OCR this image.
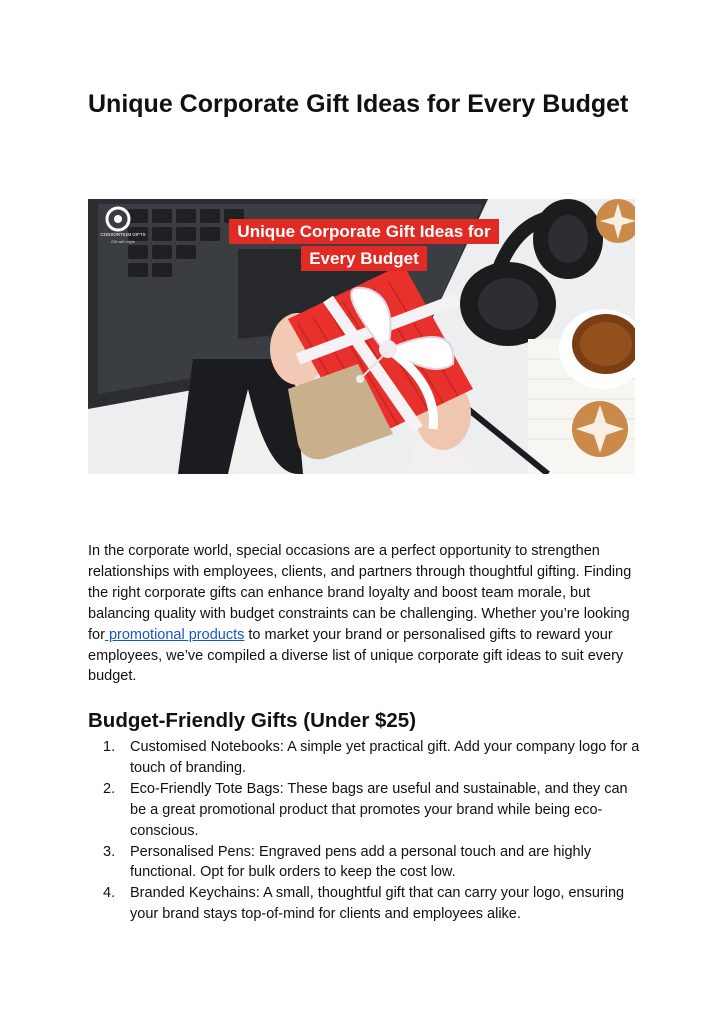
Unique Corporate Gift Ideas for Every Budget
Unique Corporate Gift Ideas for
Every Budget
CONSORTIUM GIFTS
Gift with style

In the corporate world, special occasions are a perfect opportunity to strengthen relationships with employees, clients, and partners through thoughtful gifting. Finding the right corporate gifts can enhance brand loyalty and boost team morale, but balancing quality with budget constraints can be challenging. Whether you’re looking for promotional products to market your brand or personalised gifts to reward your employees, we’ve compiled a diverse list of unique corporate gift ideas to suit every budget.

Budget-Friendly Gifts (Under $25)
1. Customised Notebooks: A simple yet practical gift. Add your company logo for a touch of branding.
2. Eco-Friendly Tote Bags: These bags are useful and sustainable, and they can be a great promotional product that promotes your brand while being eco-conscious.
3. Personalised Pens: Engraved pens add a personal touch and are highly functional. Opt for bulk orders to keep the cost low.
4. Branded Keychains: A small, thoughtful gift that can carry your logo, ensuring your brand stays top-of-mind for clients and employees alike.
